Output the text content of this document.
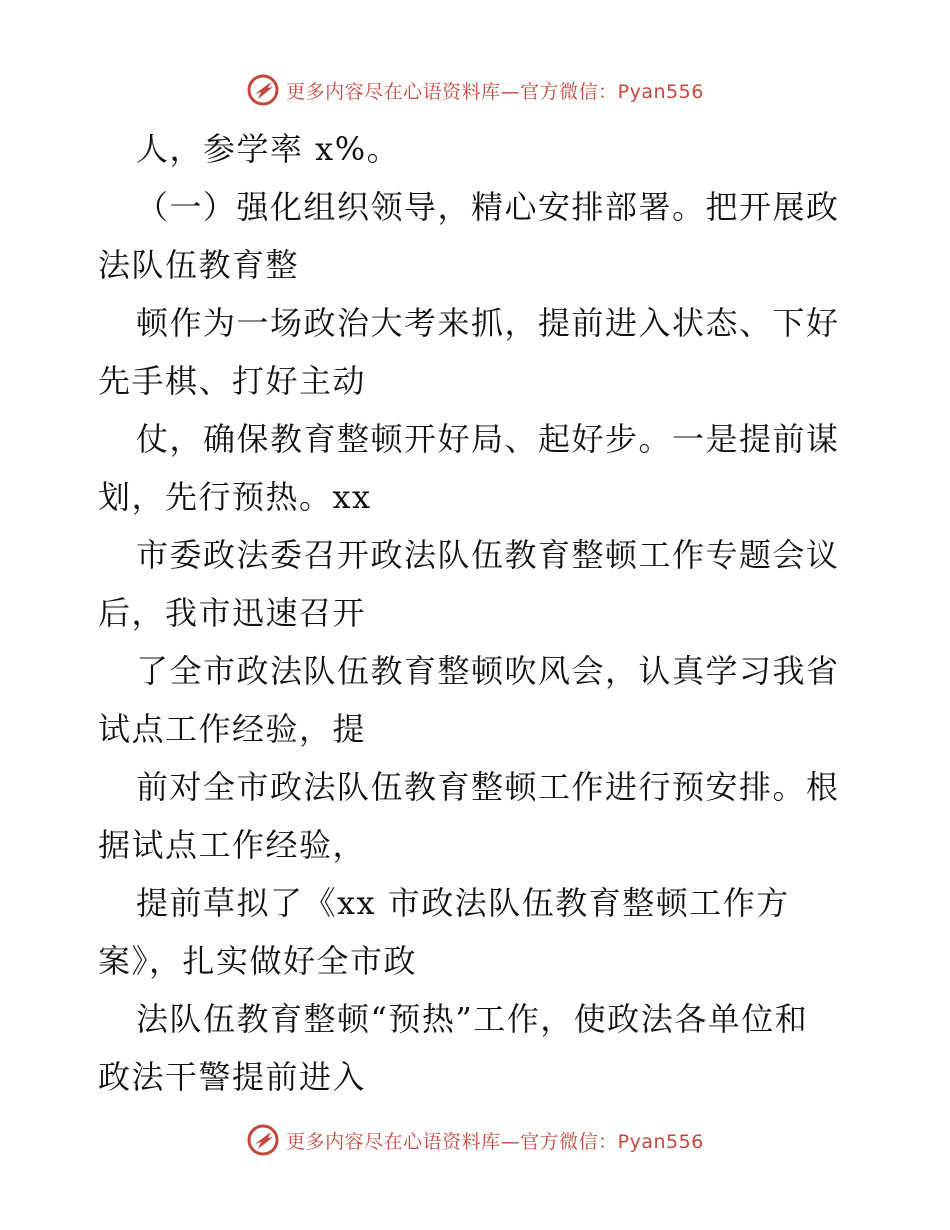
更多内容尽在心语资料库—官方微信：Pyan556
人，参学率 x%。
（一）强化组织领导，精心安排部署。把开展政
法队伍教育整
顿作为一场政治大考来抓，提前进入状态、下好
先手棋、打好主动
仗，确保教育整顿开好局、起好步。一是提前谋
划，先行预热。xx
市委政法委召开政法队伍教育整顿工作专题会议
后，我市迅速召开
了全市政法队伍教育整顿吹风会，认真学习我省
试点工作经验，提
前对全市政法队伍教育整顿工作进行预安排。根
据试点工作经验，
提前草拟了《xx 市政法队伍教育整顿工作方
案》，扎实做好全市政
法队伍教育整顿“预热”工作，使政法各单位和
政法干警提前进入
更多内容尽在心语资料库—官方微信：Pyan556
